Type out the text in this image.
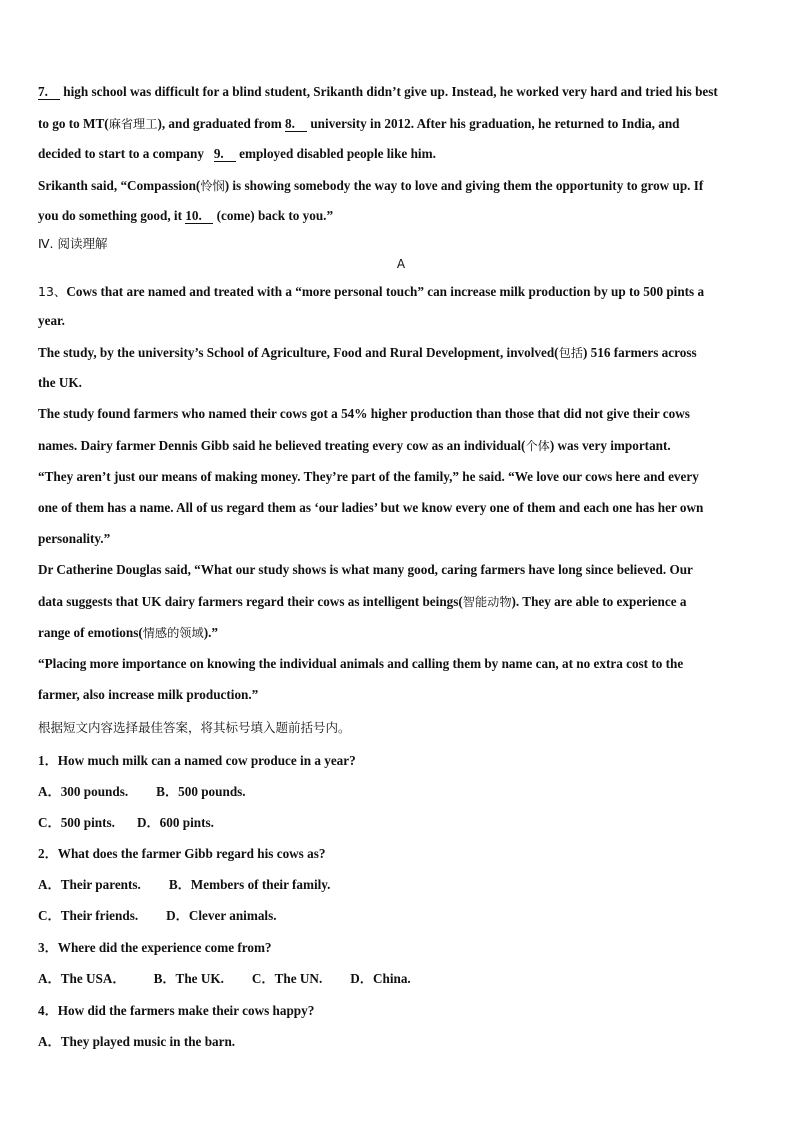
7. high school was difficult for a blind student, Srikanth didn’t give up. Instead, he worked very hard and tried his best
to go to MT(麻省理工), and graduated from 8. university in 2012. After his graduation, he returned to India, and
decided to start to a company   9. employed disabled people like him.
Srikanth said, “Compassion(怜悯) is showing somebody the way to love and giving them the opportunity to grow up. If
you do something good, it 10. (come) back to you.”
Ⅳ. 阅读理解
A
13、Cows that are named and treated with a “more personal touch” can increase milk production by up to 500 pints a
year.
The study, by the university’s School of Agriculture, Food and Rural Development, involved(包括) 516 farmers across
the UK.
The study found farmers who named their cows got a 54% higher production than those that did not give their cows
names. Dairy farmer Dennis Gibb said he believed treating every cow as an individual(个体) was very important.
“They aren’t just our means of making money. They’re part of the family,” he said. “We love our cows here and every
one of them has a name. All of us regard them as ‘our ladies’ but we know every one of them and each one has her own
personality.”
Dr Catherine Douglas said, “What our study shows is what many good, caring farmers have long since believed. Our
data suggests that UK dairy farmers regard their cows as intelligent beings(智能动物). They are able to experience a
range of emotions(情感的领域).”
“Placing more importance on knowing the individual animals and calling them by name can, at no extra cost to the
farmer, also increase milk production.”
根据短文内容选择最佳答案，将其标号填入题前括号内。
1．How much milk can a named cow produce in a year?
A．300 pounds. B．500 pounds.
C．500 pints. D．600 pints.
2．What does the farmer Gibb regard his cows as?
A．Their parents. B．Members of their family.
C．Their friends. D．Clever animals.
3．Where did the experience come from?
A．The USA． B．The UK. C．The UN. D．China.
4．How did the farmers make their cows happy?
A．They played music in the barn.
